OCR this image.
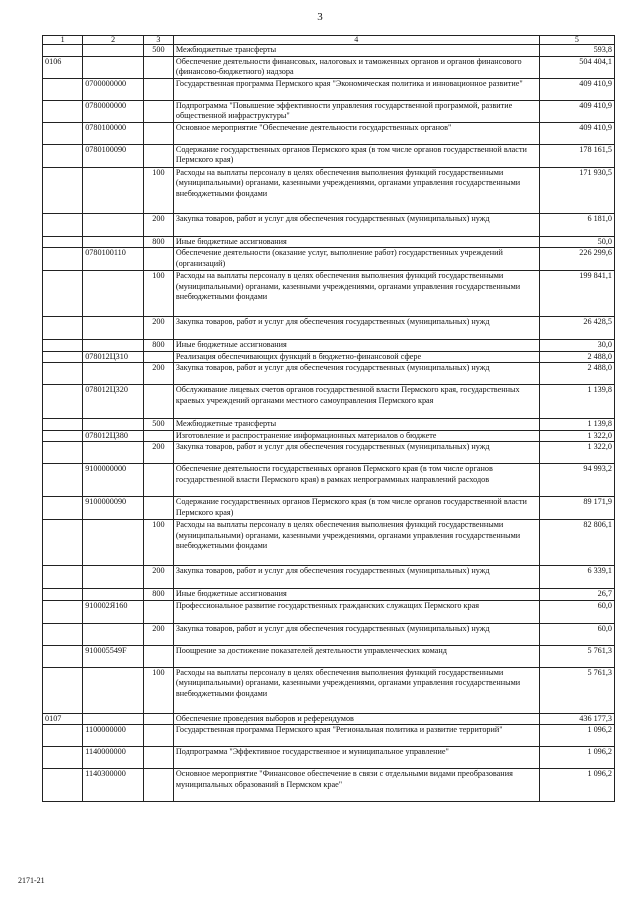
3
1	2	3	4	5
		500	Межбюджетные трансферты	593,8
0106			Обеспечение деятельности финансовых, налоговых и таможенных органов и органов финансового (финансово-бюджетного) надзора	504 404,1
	0700000000		Государственная программа Пермского края "Экономическая политика и инновационное развитие"	409 410,9
	0780000000		Подпрограмма "Повышение эффективности управления государственной программой, развитие общественной инфраструктуры"	409 410,9
	0780100000		Основное мероприятие "Обеспечение деятельности государственных органов"	409 410,9
	0780100090		Содержание государственных органов Пермского края (в том числе органов государственной власти Пермского края)	178 161,5
		100	Расходы на выплаты персоналу в целях обеспечения выполнения функций государственными (муниципальными) органами, казенными учреждениями, органами управления государственными внебюджетными фондами	171 930,5
		200	Закупка товаров, работ и услуг для обеспечения государственных (муниципальных) нужд	6 181,0
		800	Иные бюджетные ассигнования	50,0
	0780100110		Обеспечение деятельности (оказание услуг, выполнение работ) государственных учреждений (организаций)	226 299,6
		100	Расходы на выплаты персоналу в целях обеспечения выполнения функций государственными (муниципальными) органами, казенными учреждениями, органами управления государственными внебюджетными фондами	199 841,1
		200	Закупка товаров, работ и услуг для обеспечения государственных (муниципальных) нужд	26 428,5
		800	Иные бюджетные ассигнования	30,0
	078012Ц310		Реализация обеспечивающих функций в бюджетно-финансовой сфере	2 488,0
		200	Закупка товаров, работ и услуг для обеспечения государственных (муниципальных) нужд	2 488,0
	078012Ц320		Обслуживание лицевых счетов органов государственной власти Пермского края, государственных краевых учреждений органами местного самоуправления Пермского края	1 139,8
		500	Межбюджетные трансферты	1 139,8
	078012Ц380		Изготовление и распространение информационных материалов о бюджете	1 322,0
		200	Закупка товаров, работ и услуг для обеспечения государственных (муниципальных) нужд	1 322,0
	9100000000		Обеспечение деятельности государственных органов Пермского края (в том числе органов государственной власти Пермского края) в рамках непрограммных направлений расходов	94 993,2
	9100000090		Содержание государственных органов Пермского края (в том числе органов государственной власти Пермского края)	89 171,9
		100	Расходы на выплаты персоналу в целях обеспечения выполнения функций государственными (муниципальными) органами, казенными учреждениями, органами управления государственными внебюджетными фондами	82 806,1
		200	Закупка товаров, работ и услуг для обеспечения государственных (муниципальных) нужд	6 339,1
		800	Иные бюджетные ассигнования	26,7
	910002Я160		Профессиональное развитие государственных гражданских служащих Пермского края	60,0
		200	Закупка товаров, работ и услуг для обеспечения государственных (муниципальных) нужд	60,0
	910005549F		Поощрение за достижение показателей деятельности управленческих команд	5 761,3
		100	Расходы на выплаты персоналу в целях обеспечения выполнения функций государственными (муниципальными) органами, казенными учреждениями, органами управления государственными внебюджетными фондами	5 761,3
0107			Обеспечение проведения выборов и референдумов	436 177,3
	1100000000		Государственная программа Пермского края "Региональная политика и развитие территорий"	1 096,2
	1140000000		Подпрограмма "Эффективное государственное и муниципальное управление"	1 096,2
	1140300000		Основное мероприятие "Финансовое обеспечение в связи с отдельными видами преобразования муниципальных образований в Пермском крае"	1 096,2
2171-21
